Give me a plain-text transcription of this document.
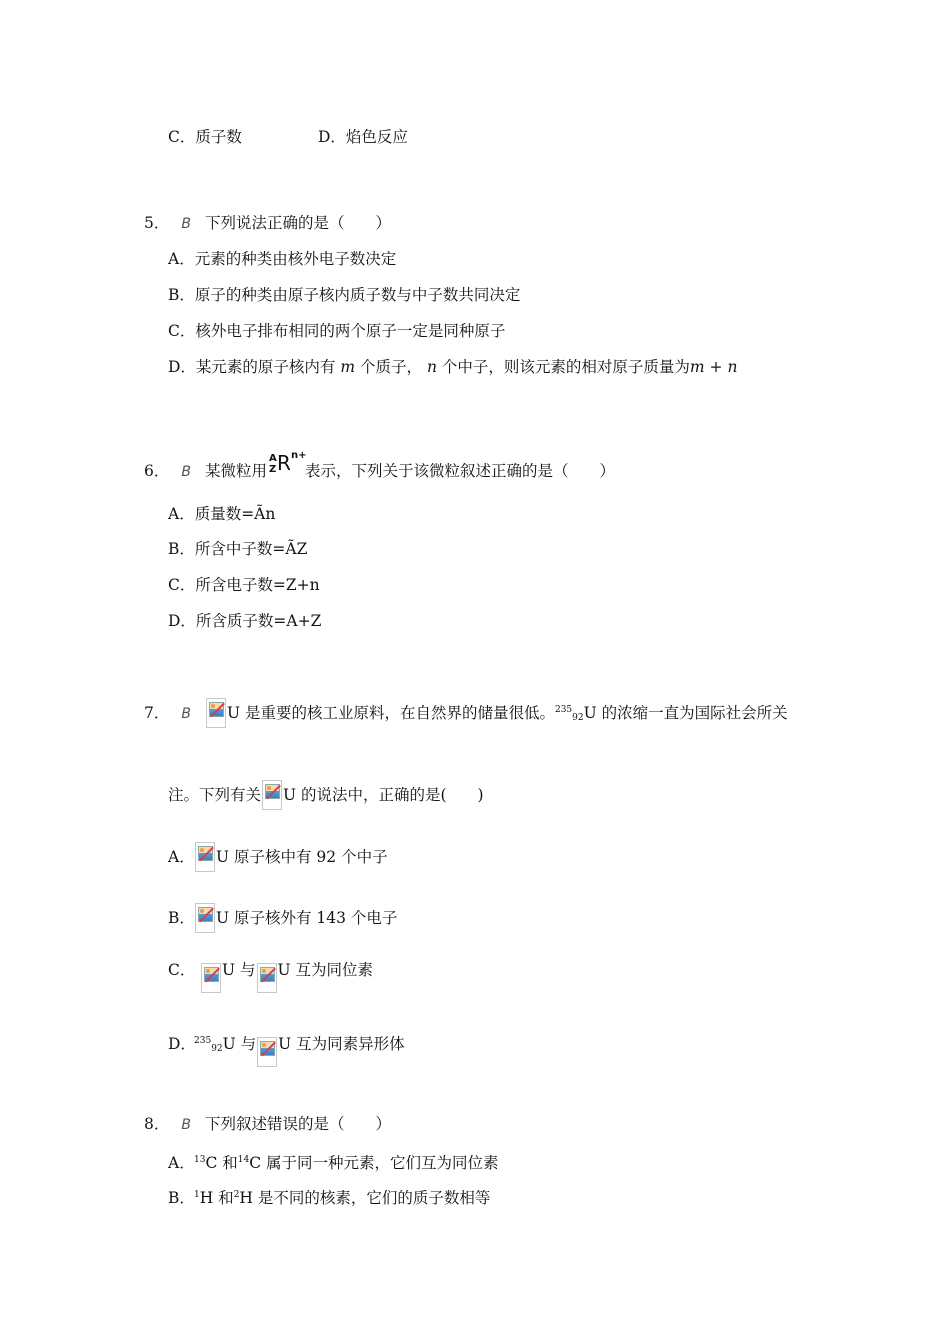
C．质子数	D．焰色反应
5． B 下列说法正确的是（　　）
A．元素的种类由核外电子数决定
B．原子的种类由原子核内质子数与中子数共同决定
C．核外电子排布相同的两个原子一定是同种原子
D．某元素的原子核内有 m 个质子， n 个中子，则该元素的相对原子质量为m + n
6． B 某微粒用
A
Z R n+
表示，下列关于该微粒叙述正确的是（　　）
A．质量数=Ãn
B．所含中子数=ÃZ
C．所含电子数=Z+n
D．所含质子数=A+Z
7． B U 是重要的核工业原料，在自然界的储量很低。$^{235}_{92}$U 的浓缩一直为国际社会所关
注。下列有关 U 的说法中，正确的是(　　)
A． U 原子核中有 92 个中子
B． U 原子核外有 143 个电子
C． U 与 U 互为同位素
D．$^{235}_{92}$U 与 U 互为同素异形体
8． B 下列叙述错误的是（　　）
A．$^{13}$C 和$^{14}$C 属于同一种元素，它们互为同位素
B．$^1$H 和$^2$H 是不同的核素，它们的质子数相等
